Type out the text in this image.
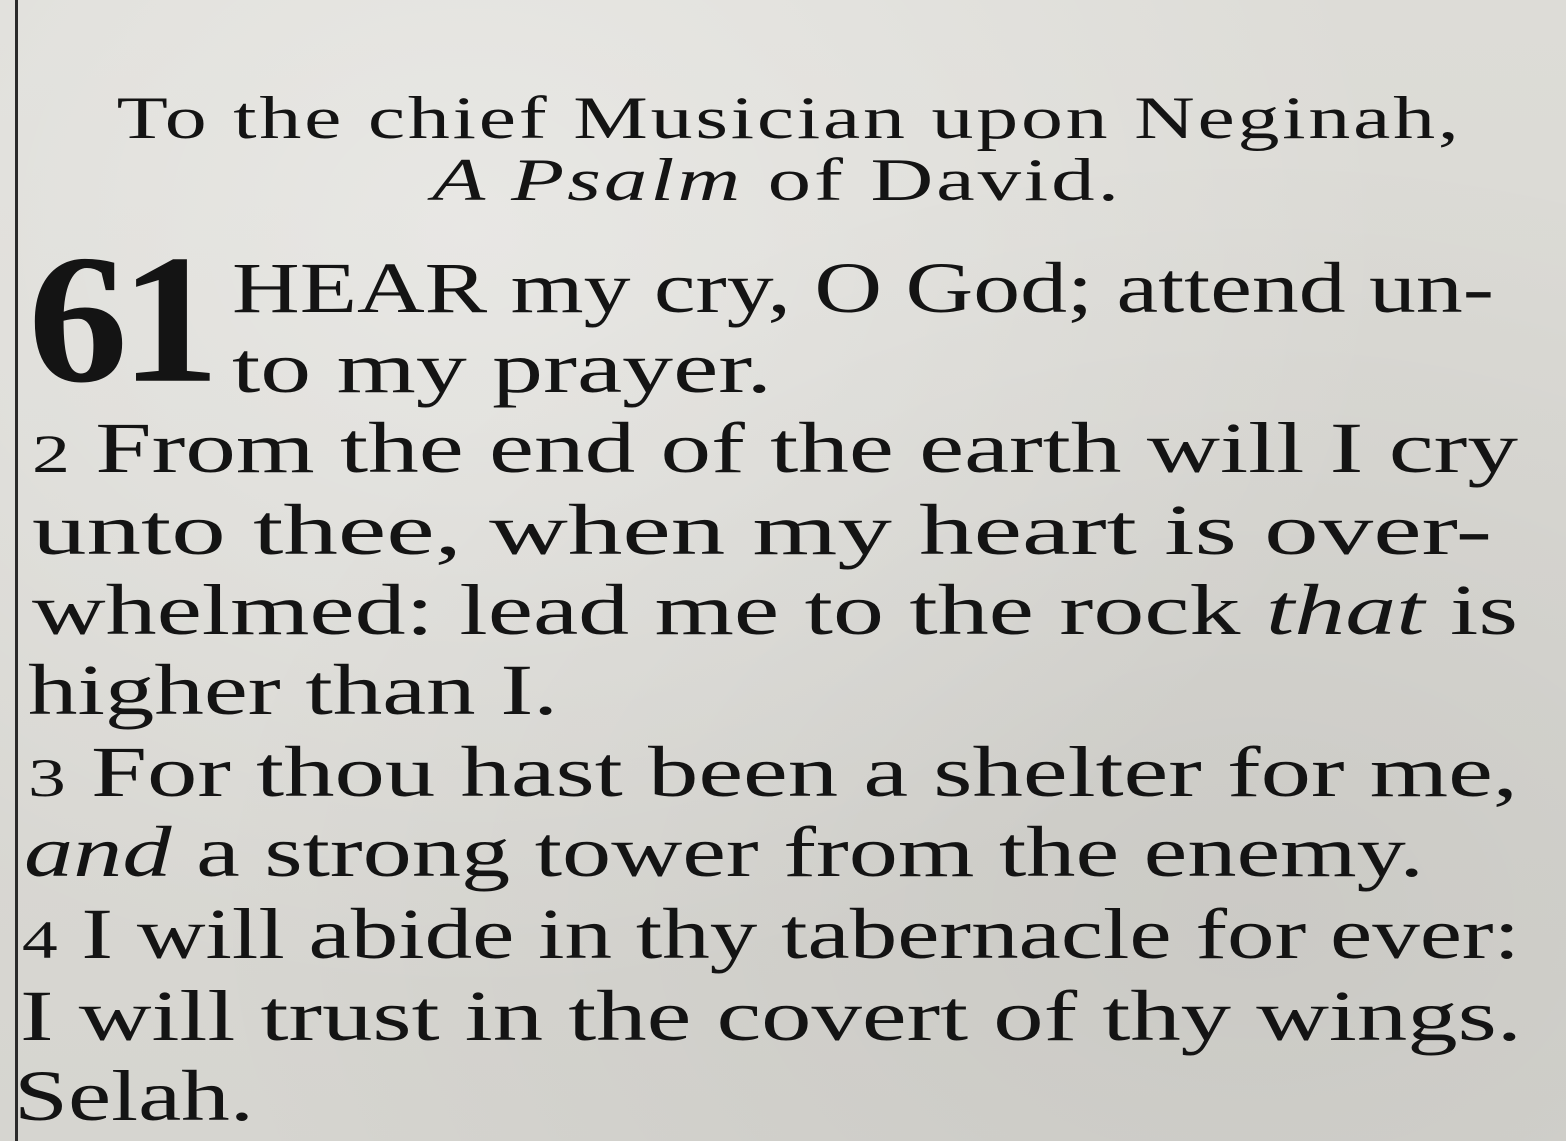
To the chief Musician upon Neginah,
A Psalm of David.
61 HEAR my cry, O God; attend un-
to my prayer.
2 From the end of the earth will I cry
unto thee, when my heart is over-
whelmed: lead me to the rock that is
higher than I.
3 For thou hast been a shelter for me,
and a strong tower from the enemy.
4 I will abide in thy tabernacle for ever:
I will trust in the covert of thy wings.
Selah.
